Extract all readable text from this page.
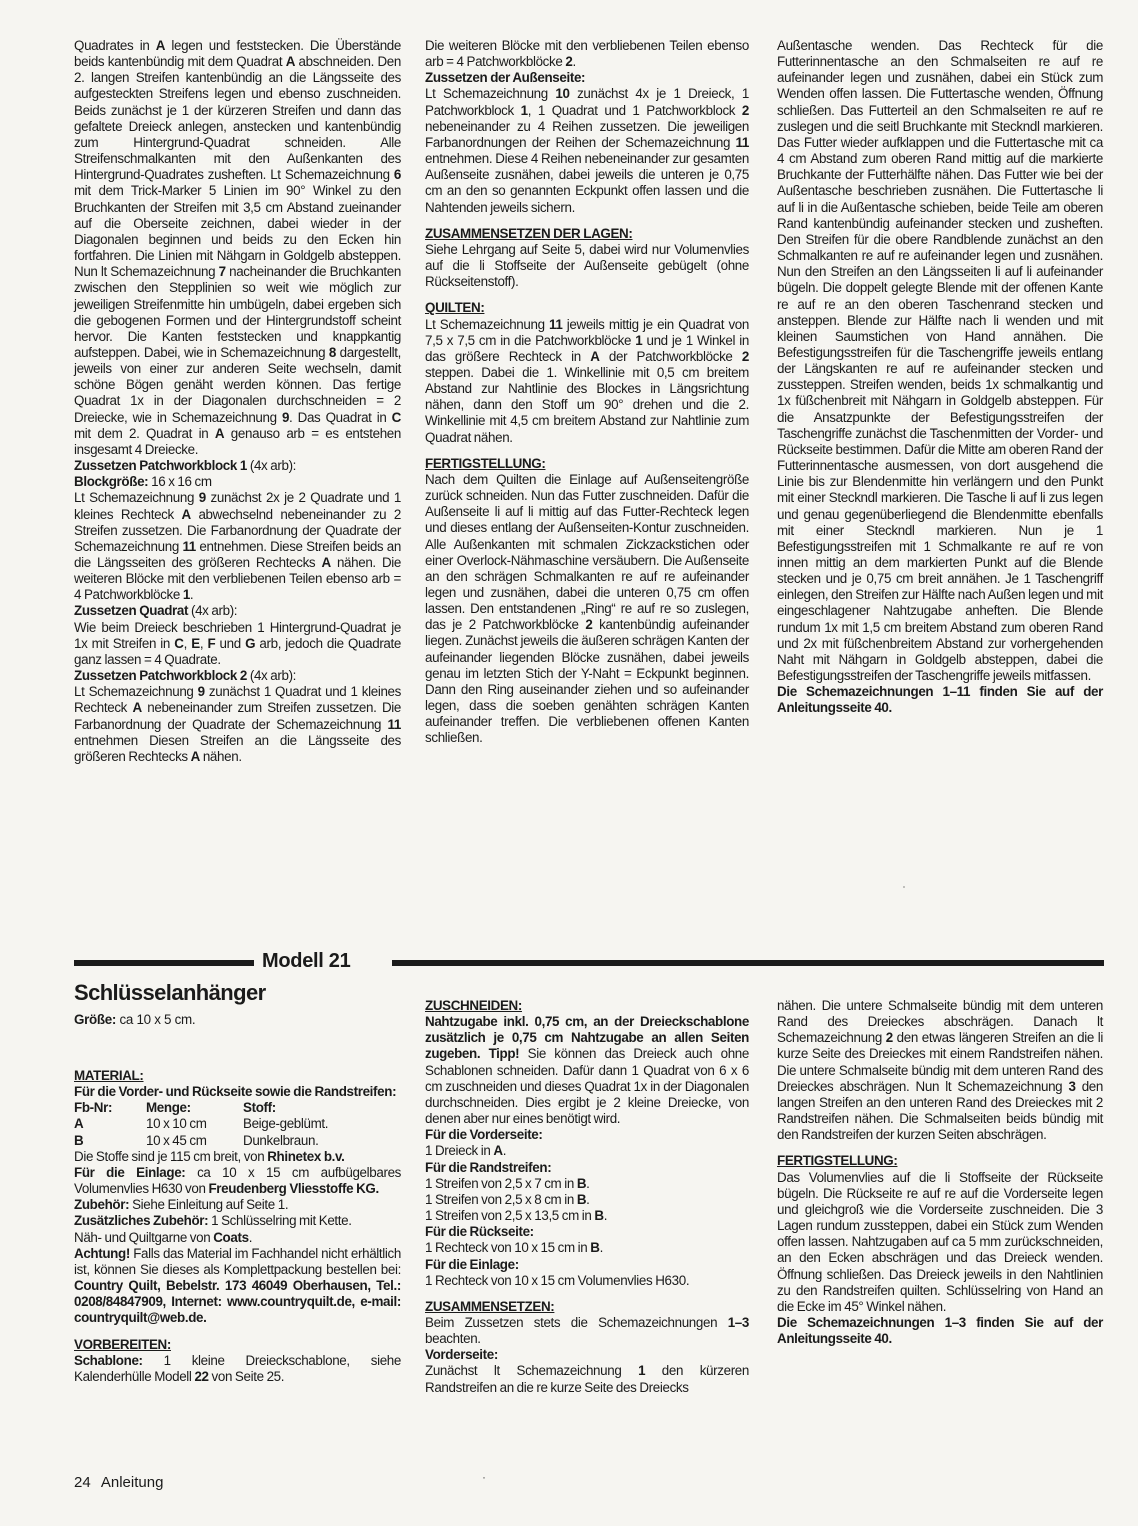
Quadrates in A legen und feststecken. Die Überstände beids kantenbündig mit dem Quadrat A abschneiden. Den 2. langen Streifen kantenbündig an die Längsseite des aufgesteckten Streifens legen und ebenso zuschneiden. Beids zunächst je 1 der kürzeren Streifen und dann das gefaltete Dreieck anlegen, anstecken und kantenbündig zum Hintergrund-Quadrat schneiden. Alle Streifenschmalkanten mit den Außenkanten des Hintergrund-Quadrates zusheften. Lt Schemazeichnung 6 mit dem Trick-Marker 5 Linien im 90° Winkel zu den Bruchkanten der Streifen mit 3,5 cm Abstand zueinander auf die Oberseite zeichnen, dabei wieder in der Diagonalen beginnen und beids zu den Ecken hin fortfahren. Die Linien mit Nähgarn in Goldgelb absteppen. Nun lt Schemazeichnung 7 nacheinander die Bruchkanten zwischen den Stepplinien so weit wie möglich zur jeweiligen Streifenmitte hin umbügeln, dabei ergeben sich die gebogenen Formen und der Hintergrundstoff scheint hervor. Die Kanten feststecken und knappkantig aufsteppen. Dabei, wie in Schemazeichnung 8 dargestellt, jeweils von einer zur anderen Seite wechseln, damit schöne Bögen genäht werden können. Das fertige Quadrat 1x in der Diagonalen durchschneiden = 2 Dreiecke, wie in Schemazeichnung 9. Das Quadrat in C mit dem 2. Quadrat in A genauso arb = es entstehen insgesamt 4 Dreiecke.

Zussetzen Patchworkblock 1 (4x arb):

Blockgröße: 16 x 16 cm

Lt Schemazeichnung 9 zunächst 2x je 2 Quadrate und 1 kleines Rechteck A abwechselnd nebeneinander zu 2 Streifen zussetzen. Die Farbanordnung der Quadrate der Schemazeichnung 11 entnehmen. Diese Streifen beids an die Längsseiten des größeren Rechtecks A nähen. Die weiteren Blöcke mit den verbliebenen Teilen ebenso arb = 4 Patchworkblöcke 1.

Zussetzen Quadrat (4x arb):

Wie beim Dreieck beschrieben 1 Hintergrund-Quadrat je 1x mit Streifen in C, E, F und G arb, jedoch die Quadrate ganz lassen = 4 Quadrate.

Zussetzen Patchworkblock 2 (4x arb):

Lt Schemazeichnung 9 zunächst 1 Quadrat und 1 kleines Rechteck A nebeneinander zum Streifen zussetzen. Die Farbanordnung der Quadrate der Schemazeichnung 11 entnehmen Diesen Streifen an die Längsseite des größeren Rechtecks A nähen.

Die weiteren Blöcke mit den verbliebenen Teilen ebenso arb = 4 Patchworkblöcke 2.

Zussetzen der Außenseite:

Lt Schemazeichnung 10 zunächst 4x je 1 Dreieck, 1 Patchworkblock 1, 1 Quadrat und 1 Patchworkblock 2 nebeneinander zu 4 Reihen zussetzen. Die jeweiligen Farbanordnungen der Reihen der Schemazeichnung 11 entnehmen. Diese 4 Reihen nebeneinander zur gesamten Außenseite zusnähen, dabei jeweils die unteren je 0,75 cm an den so genannten Eckpunkt offen lassen und die Nahtenden jeweils sichern.

ZUSAMMENSETZEN DER LAGEN:

Siehe Lehrgang auf Seite 5, dabei wird nur Volumenvlies auf die li Stoffseite der Außenseite gebügelt (ohne Rückseitenstoff).

QUILTEN:

Lt Schemazeichnung 11 jeweils mittig je ein Quadrat von 7,5 x 7,5 cm in die Patchworkblöcke 1 und je 1 Winkel in das größere Rechteck in A der Patchworkblöcke 2 steppen. Dabei die 1. Winkellinie mit 0,5 cm breitem Abstand zur Nahtlinie des Blockes in Längsrichtung nähen, dann den Stoff um 90° drehen und die 2. Winkellinie mit 4,5 cm breitem Abstand zur Nahtlinie zum Quadrat nähen.

FERTIGSTELLUNG:

Nach dem Quilten die Einlage auf Außenseitengröße zurück schneiden. Nun das Futter zuschneiden. Dafür die Außenseite li auf li mittig auf das Futter-Rechteck legen und dieses entlang der Außenseiten-Kontur zuschneiden. Alle Außenkanten mit schmalen Zickzackstichen oder einer Overlock-Nähmaschine versäubern. Die Außenseite an den schrägen Schmalkanten re auf re aufeinander legen und zusnähen, dabei die unteren 0,75 cm offen lassen. Den entstandenen „Ring“ re auf re so zuslegen, das je 2 Patchworkblöcke 2 kantenbündig aufeinander liegen. Zunächst jeweils die äußeren schrägen Kanten der aufeinander liegenden Blöcke zusnähen, dabei jeweils genau im letzten Stich der Y-Naht = Eckpunkt beginnen. Dann den Ring auseinander ziehen und so aufeinander legen, dass die soeben genähten schrägen Kanten aufeinander treffen. Die verbliebenen offenen Kanten schließen.

Außentasche wenden. Das Rechteck für die Futterinnentasche an den Schmalseiten re auf re aufeinander legen und zusnähen, dabei ein Stück zum Wenden offen lassen. Die Futtertasche wenden, Öffnung schließen. Das Futterteil an den Schmalseiten re auf re zuslegen und die seitl Bruchkante mit Steckndl markieren. Das Futter wieder aufklappen und die Futtertasche mit ca 4 cm Abstand zum oberen Rand mittig auf die markierte Bruchkante der Futterhälfte nähen. Das Futter wie bei der Außentasche beschrieben zusnähen. Die Futtertasche li auf li in die Außentasche schieben, beide Teile am oberen Rand kantenbündig aufeinander stecken und zusheften. Den Streifen für die obere Randblende zunächst an den Schmalkanten re auf re aufeinander legen und zusnähen. Nun den Streifen an den Längsseiten li auf li aufeinander bügeln. Die doppelt gelegte Blende mit der offenen Kante re auf re an den oberen Taschenrand stecken und ansteppen. Blende zur Hälfte nach li wenden und mit kleinen Saumstichen von Hand annähen. Die Befestigungsstreifen für die Taschengriffe jeweils entlang der Längskanten re auf re aufeinander stecken und zussteppen. Streifen wenden, beids 1x schmalkantig und 1x füßchenbreit mit Nähgarn in Goldgelb absteppen. Für die Ansatzpunkte der Befestigungsstreifen der Taschengriffe zunächst die Taschenmitten der Vorder- und Rückseite bestimmen. Dafür die Mitte am oberen Rand der Futterinnentasche ausmessen, von dort ausgehend die Linie bis zur Blendenmitte hin verlängern und den Punkt mit einer Steckndl markieren. Die Tasche li auf li zus legen und genau gegenüberliegend die Blendenmitte ebenfalls mit einer Steckndl markieren. Nun je 1 Befestigungsstreifen mit 1 Schmalkante re auf re von innen mittig an dem markierten Punkt auf die Blende stecken und je 0,75 cm breit annähen. Je 1 Taschengriff einlegen, den Streifen zur Hälfte nach Außen legen und mit eingeschlagener Nahtzugabe anheften. Die Blende rundum 1x mit 1,5 cm breitem Abstand zum oberen Rand und 2x mit füßchenbreitem Abstand zur vorhergehenden Naht mit Nähgarn in Goldgelb absteppen, dabei die Befestigungsstreifen der Taschengriffe jeweils mitfassen.

Die Schemazeichnungen 1–11 finden Sie auf der Anleitungsseite 40.

Modell 21
Schlüsselanhänger
Größe: ca 10 x 5 cm.

MATERIAL:

Für die Vorder- und Rückseite sowie die Randstreifen:

Fb-Nr:	Menge:	Stoff:
A	10 x 10 cm	Beige-geblümt.
B	10 x 45 cm	Dunkelbraun.

Die Stoffe sind je 115 cm breit, von Rhinetex b.v.

Für die Einlage: ca 10 x 15 cm aufbügelbares Volumenvlies H630 von Freudenberg Vliesstoffe KG.

Zubehör: Siehe Einleitung auf Seite 1.

Zusätzliches Zubehör: 1 Schlüsselring mit Kette.

Näh- und Quiltgarne von Coats.

Achtung! Falls das Material im Fachhandel nicht erhältlich ist, können Sie dieses als Komplettpackung bestellen bei: Country Quilt, Bebelstr. 173 46049 Oberhausen, Tel.: 0208/84847909, Internet: www.countryquilt.de, e-mail: countryquilt@web.de.

VORBEREITEN:

Schablone: 1 kleine Dreieckschablone, siehe Kalenderhülle Modell 22 von Seite 25.

ZUSCHNEIDEN:

Nahtzugabe inkl. 0,75 cm, an der Dreieckschablone zusätzlich je 0,75 cm Nahtzugabe an allen Seiten zugeben. Tipp! Sie können das Dreieck auch ohne Schablonen schneiden. Dafür dann 1 Quadrat von 6 x 6 cm zuschneiden und dieses Quadrat 1x in der Diagonalen durchschneiden. Dies ergibt je 2 kleine Dreiecke, von denen aber nur eines benötigt wird.

Für die Vorderseite:

1 Dreieck in A.

Für die Randstreifen:

1 Streifen von 2,5 x 7 cm in B.

1 Streifen von 2,5 x 8 cm in B.

1 Streifen von 2,5 x 13,5 cm in B.

Für die Rückseite:

1 Rechteck von 10 x 15 cm in B.

Für die Einlage:

1 Rechteck von 10 x 15 cm Volumenvlies H630.

ZUSAMMENSETZEN:

Beim Zussetzen stets die Schemazeichnungen 1–3 beachten.

Vorderseite:

Zunächst lt Schemazeichnung 1 den kürzeren Randstreifen an die re kurze Seite des Dreiecks

nähen. Die untere Schmalseite bündig mit dem unteren Rand des Dreieckes abschrägen. Danach lt Schemazeichnung 2 den etwas längeren Streifen an die li kurze Seite des Dreieckes mit einem Randstreifen nähen. Die untere Schmalseite bündig mit dem unteren Rand des Dreieckes abschrägen. Nun lt Schemazeichnung 3 den langen Streifen an den unteren Rand des Dreieckes mit 2 Randstreifen nähen. Die Schmalseiten beids bündig mit den Randstreifen der kurzen Seiten abschrägen.

FERTIGSTELLUNG:

Das Volumenvlies auf die li Stoffseite der Rückseite bügeln. Die Rückseite re auf re auf die Vorderseite legen und gleichgroß wie die Vorderseite zuschneiden. Die 3 Lagen rundum zussteppen, dabei ein Stück zum Wenden offen lassen. Nahtzugaben auf ca 5 mm zurückschneiden, an den Ecken abschrägen und das Dreieck wenden. Öffnung schließen. Das Dreieck jeweils in den Nahtlinien zu den Randstreifen quilten. Schlüsselring von Hand an die Ecke im 45° Winkel nähen.

Die Schemazeichnungen 1–3 finden Sie auf der Anleitungsseite 40.

24 Anleitung
ˈ
·
